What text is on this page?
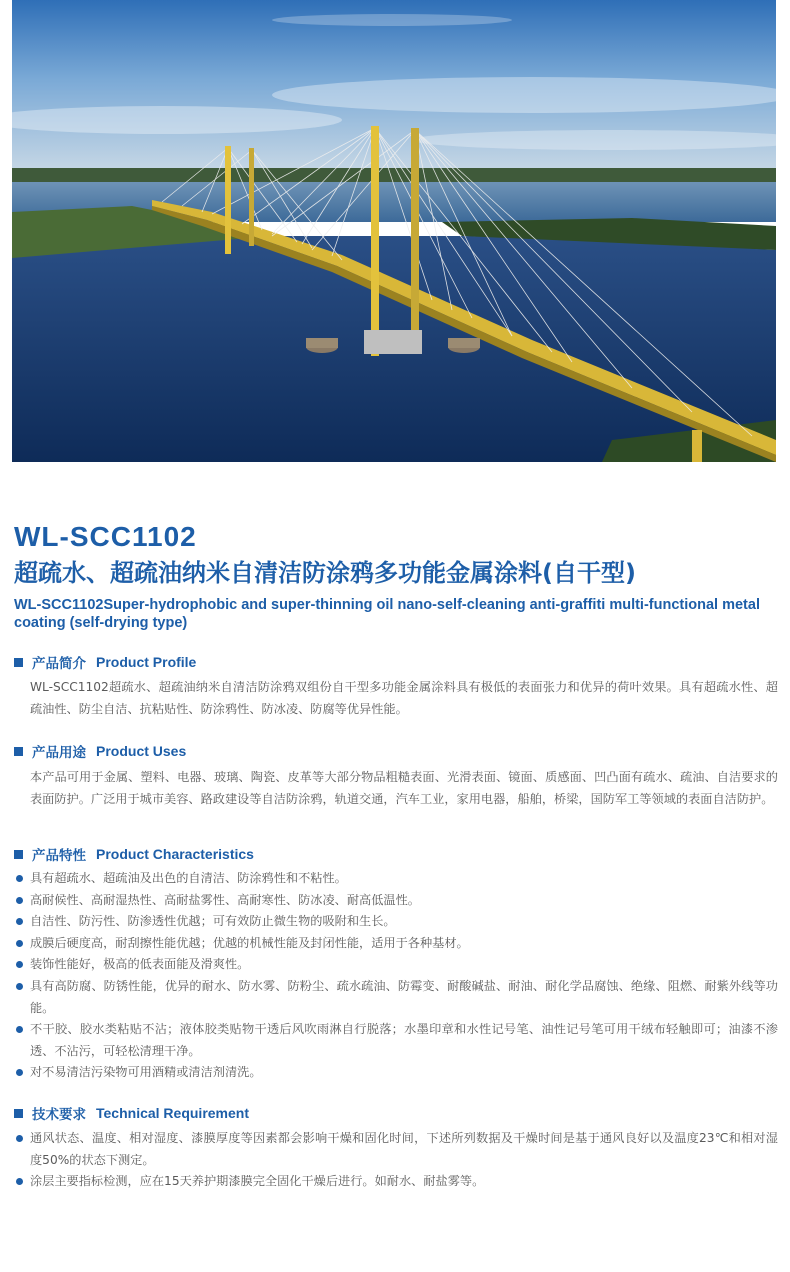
WL-SCC1102
超疏水、超疏油纳米自清洁防涂鸦多功能金属涂料(自干型)
WL-SCC1102Super-hydrophobic and super-thinning oil nano-self-cleaning anti-graffiti multi-functional metal coating (self-drying type)
产品简介 Product Profile
WL-SCC1102超疏水、超疏油纳米自清洁防涂鸦双组份自干型多功能金属涂料具有极低的表面张力和优异的荷叶效果。具有超疏水性、超疏油性、防尘自洁、抗粘贴性、防涂鸦性、防冰凌、防腐等优异性能。
产品用途 Product Uses
本产品可用于金属、塑料、电器、玻璃、陶瓷、皮革等大部分物品粗糙表面、光滑表面、镜面、质感面、凹凸面有疏水、疏油、自洁要求的表面防护。广泛用于城市美容、路政建设等自洁防涂鸦，轨道交通，汽车工业，家用电器，船舶，桥梁，国防军工等领域的表面自洁防护。
产品特性 Product Characteristics
具有超疏水、超疏油及出色的自清洁、防涂鸦性和不粘性。
高耐候性、高耐湿热性、高耐盐雾性、高耐寒性、防冰凌、耐高低温性。
自洁性、防污性、防渗透性优越；可有效防止微生物的吸附和生长。
成膜后硬度高，耐刮擦性能优越；优越的机械性能及封闭性能，适用于各种基材。
装饰性能好，极高的低表面能及滑爽性。
具有高防腐、防锈性能，优异的耐水、防水雾、防粉尘、疏水疏油、防霉变、耐酸碱盐、耐油、耐化学品腐蚀、绝缘、阻燃、耐紫外线等功能。
不干胶、胶水类粘贴不沾；液体胶类贴物干透后风吹雨淋自行脱落；水墨印章和水性记号笔、油性记号笔可用干绒布轻触即可；油漆不渗透、不沾污，可轻松清理干净。
对不易清洁污染物可用酒精或清洁剂清洗。
技术要求 Technical Requirement
通风状态、温度、相对湿度、漆膜厚度等因素都会影响干燥和固化时间，下述所列数据及干燥时间是基于通风良好以及温度23℃和相对湿度50%的状态下测定。
涂层主要指标检测，应在15天养护期漆膜完全固化干燥后进行。如耐水、耐盐雾等。
